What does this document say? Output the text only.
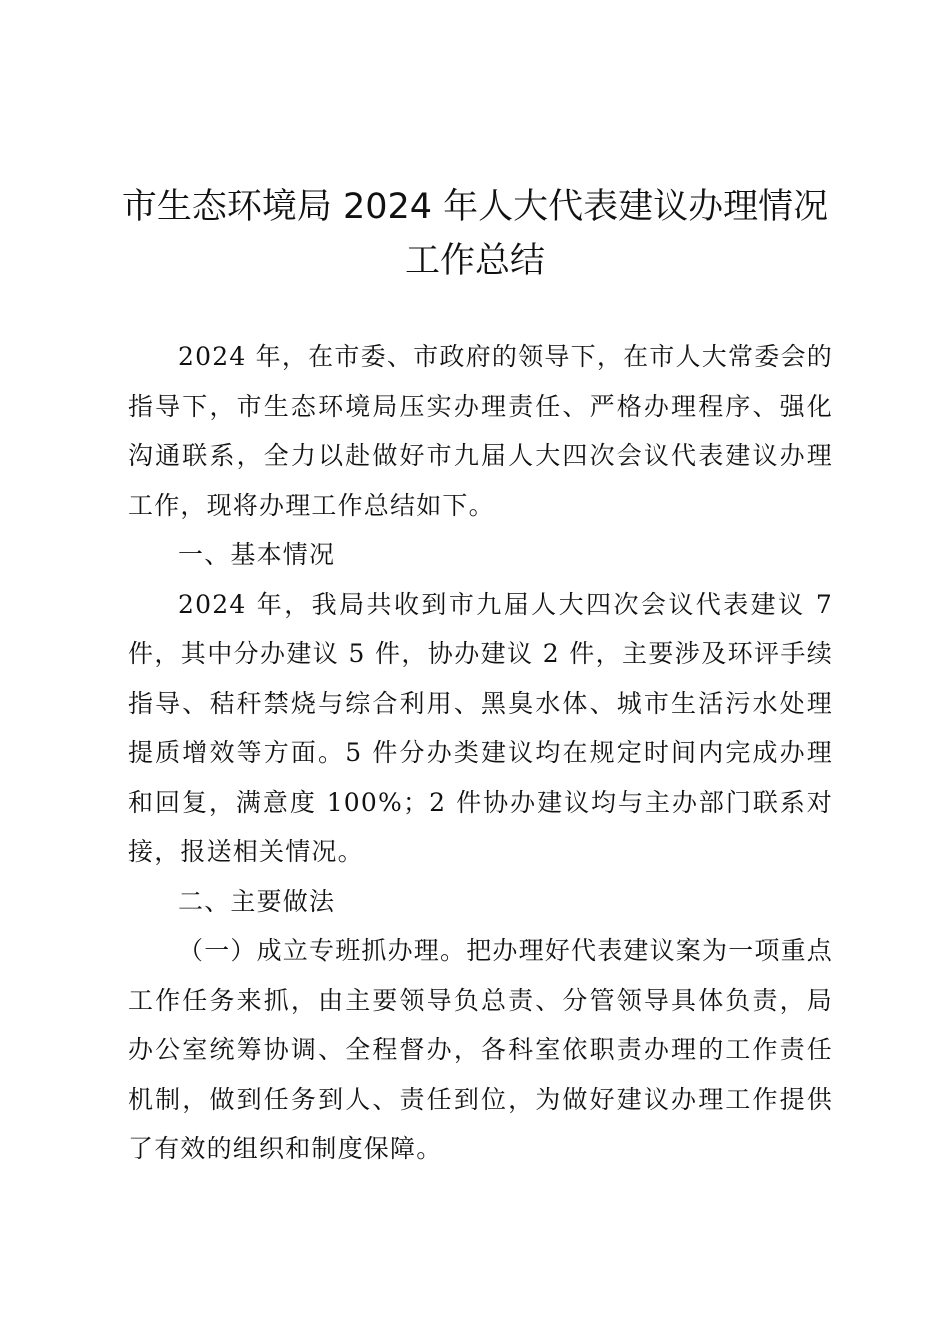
市生态环境局 2024 年人大代表建议办理情况
工作总结

2024 年，在市委、市政府的领导下，在市人大常委会的指导下，市生态环境局压实办理责任、严格办理程序、强化沟通联系，全力以赴做好市九届人大四次会议代表建议办理工作，现将办理工作总结如下。

一、基本情况

2024 年，我局共收到市九届人大四次会议代表建议 7 件，其中分办建议 5 件，协办建议 2 件，主要涉及环评手续指导、秸秆禁烧与综合利用、黑臭水体、城市生活污水处理提质增效等方面。5 件分办类建议均在规定时间内完成办理和回复，满意度 100%；2 件协办建议均与主办部门联系对接，报送相关情况。

二、主要做法

（一）成立专班抓办理。把办理好代表建议案为一项重点工作任务来抓，由主要领导负总责、分管领导具体负责，局办公室统筹协调、全程督办，各科室依职责办理的工作责任机制，做到任务到人、责任到位，为做好建议办理工作提供了有效的组织和制度保障。
